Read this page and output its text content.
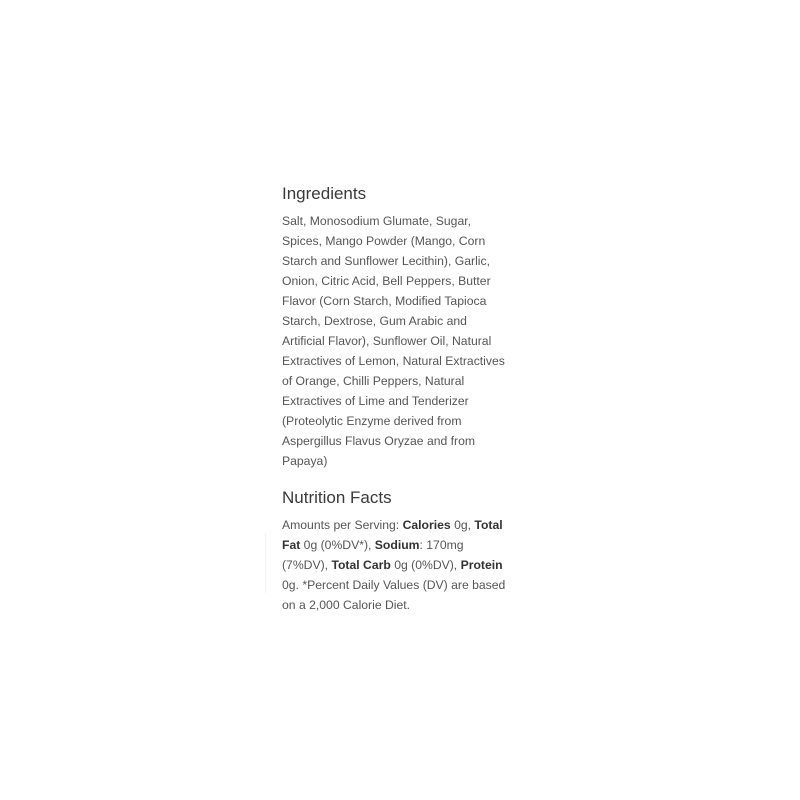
Ingredients

Salt, Monosodium Glumate, Sugar, Spices, Mango Powder (Mango, Corn Starch and Sunflower Lecithin), Garlic, Onion, Citric Acid, Bell Peppers, Butter Flavor (Corn Starch, Modified Tapioca Starch, Dextrose, Gum Arabic and Artificial Flavor), Sunflower Oil, Natural Extractives of Lemon, Natural Extractives of Orange, Chilli Peppers, Natural Extractives of Lime and Tenderizer (Proteolytic Enzyme derived from Aspergillus Flavus Oryzae and from Papaya)

Nutrition Facts

Amounts per Serving: Calories 0g, Total Fat 0g (0%DV*), Sodium: 170mg (7%DV), Total Carb 0g (0%DV), Protein 0g. *Percent Daily Values (DV) are based on a 2,000 Calorie Diet.
